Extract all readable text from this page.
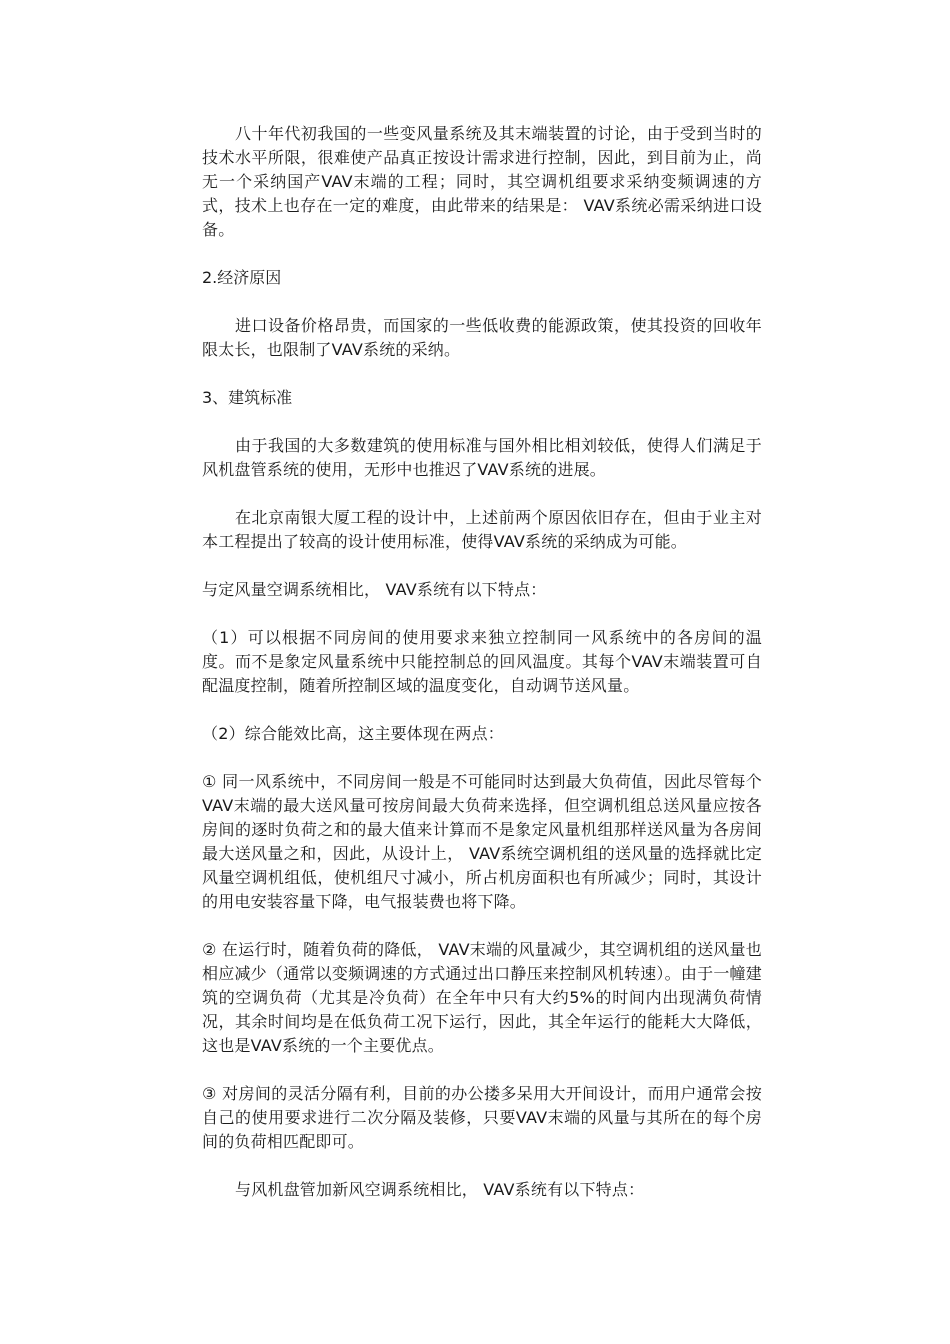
八十年代初我国的一些变风量系统及其末端装置的讨论，由于受到当时的技术水平所限，很难使产品真正按设计需求进行控制，因此，到目前为止，尚无一个采纳国产VAV末端的工程；同时，其空调机组要求采纳变频调速的方式，技术上也存在一定的难度，由此带来的结果是： VAV系统必需采纳进口设备。

2.经济原因

进口设备价格昂贵，而国家的一些低收费的能源政策，使其投资的回收年限太长，也限制了VAV系统的采纳。

3、建筑标准

由于我国的大多数建筑的使用标准与国外相比相刘较低，使得人们满足于风机盘管系统的使用，无形中也推迟了VAV系统的进展。

在北京南银大厦工程的设计中，上述前两个原因依旧存在，但由于业主对本工程提出了较高的设计使用标准，使得VAV系统的采纳成为可能。

与定风量空调系统相比， VAV系统有以下特点：

（1）可以根据不同房间的使用要求来独立控制同一风系统中的各房间的温度。而不是象定风量系统中只能控制总的回风温度。其每个VAV末端装置可自配温度控制，随着所控制区域的温度变化，自动调节送风量。

（2）综合能效比高，这主要体现在两点：

① 同一风系统中，不同房间一般是不可能同时达到最大负荷值，因此尽管每个VAV末端的最大送风量可按房间最大负荷来选择，但空调机组总送风量应按各房间的逐时负荷之和的最大值来计算而不是象定风量机组那样送风量为各房间最大送风量之和，因此，从设计上， VAV系统空调机组的送风量的选择就比定风量空调机组低，使机组尺寸减小，所占机房面积也有所减少；同时，其设计的用电安装容量下降，电气报装费也将下降。

② 在运行时，随着负荷的降低， VAV末端的风量减少，其空调机组的送风量也相应减少（通常以变频调速的方式通过出口静压来控制风机转速）。由于一幢建筑的空调负荷（尤其是冷负荷）在全年中只有大约5%的时间内出现满负荷情况，其余时间均是在低负荷工况下运行，因此，其全年运行的能耗大大降低，这也是VAV系统的一个主要优点。

③ 对房间的灵活分隔有利，目前的办公搂多呆用大开间设计，而用户通常会按自己的使用要求进行二次分隔及装修，只要VAV末端的风量与其所在的每个房间的负荷相匹配即可。

与风机盘管加新风空调系统相比， VAV系统有以下特点：
